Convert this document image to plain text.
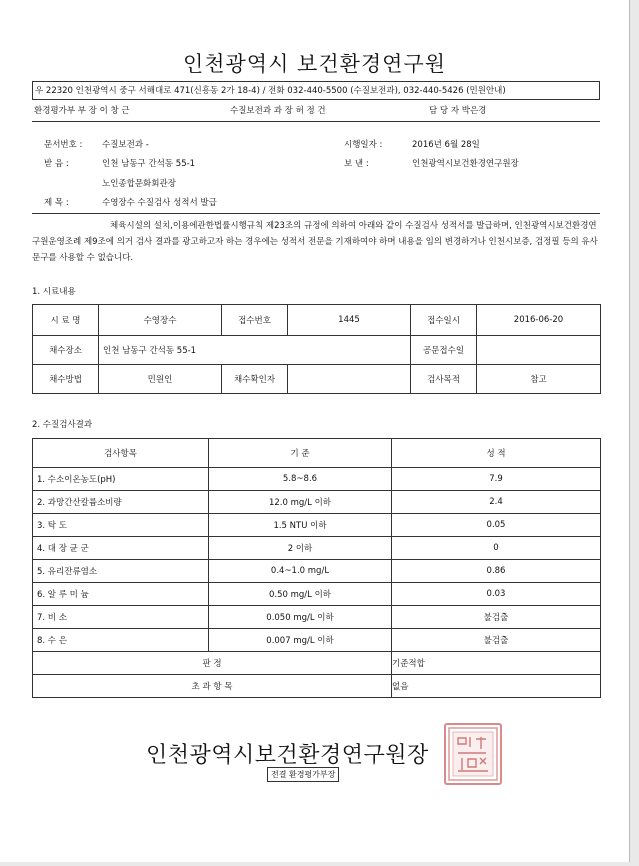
인천광역시 보건환경연구원
우 22320 인천광역시 중구 서해대로 471(신흥동 2가 18-4) / 전화 032-440-5500 (수질보전과), 032-440-5426 (민원안내)
환경평가부 부 장 이 창 근	수질보전과 과 장 허 정 건	담 당 자 박은경
문서번호 : 수질보전과 -	시행일자 :	2016년 6월 28일
받 음 :	인천 남동구 간석동 55-1	보 낸 :	인천광역시보건환경연구원장
노인종합문화회관장
제 목 :	수영장수 수질검사 성적서 발급
체육시설의 설치,이용에관한법률시행규칙 제23조의 규정에 의하여 아래와 같이 수질검사 성적서를 발급하며, 인천광역시보건환경연구원운영조례 제9조에 의거 검사 결과를 광고하고자 하는 경우에는 성적서 전문을 기재하여야 하며 내용을 임의 변경하거나 인천시보증, 검정필 등의 유사 문구를 사용할 수 없습니다.
1. 시료내용
시 료 명	수영장수	접수번호	1445	접수일시	2016-06-20
채수장소	인천 남동구 간석동 55-1			공문접수일	
채수방법	민원인	채수확인자		검사목적	참고
2. 수질검사결과
검사항목	기 준	성 적
1. 수소이온농도(pH)	5.8~8.6	7.9
2. 과망간산칼륨소비량	12.0 mg/L 이하	2.4
3. 탁 도	1.5 NTU 이하	0.05
4. 대 장 균 군	2 이하	0
5. 유리잔류염소	0.4~1.0 mg/L	0.86
6. 알 루 미 늄	0.50 mg/L 이하	0.03
7. 비 소	0.050 mg/L 이하	불검출
8. 수 은	0.007 mg/L 이하	불검출
판 정		기준적합
초 과 항 목		없음
인천광역시보건환경연구원장
전결 환경평가부장
